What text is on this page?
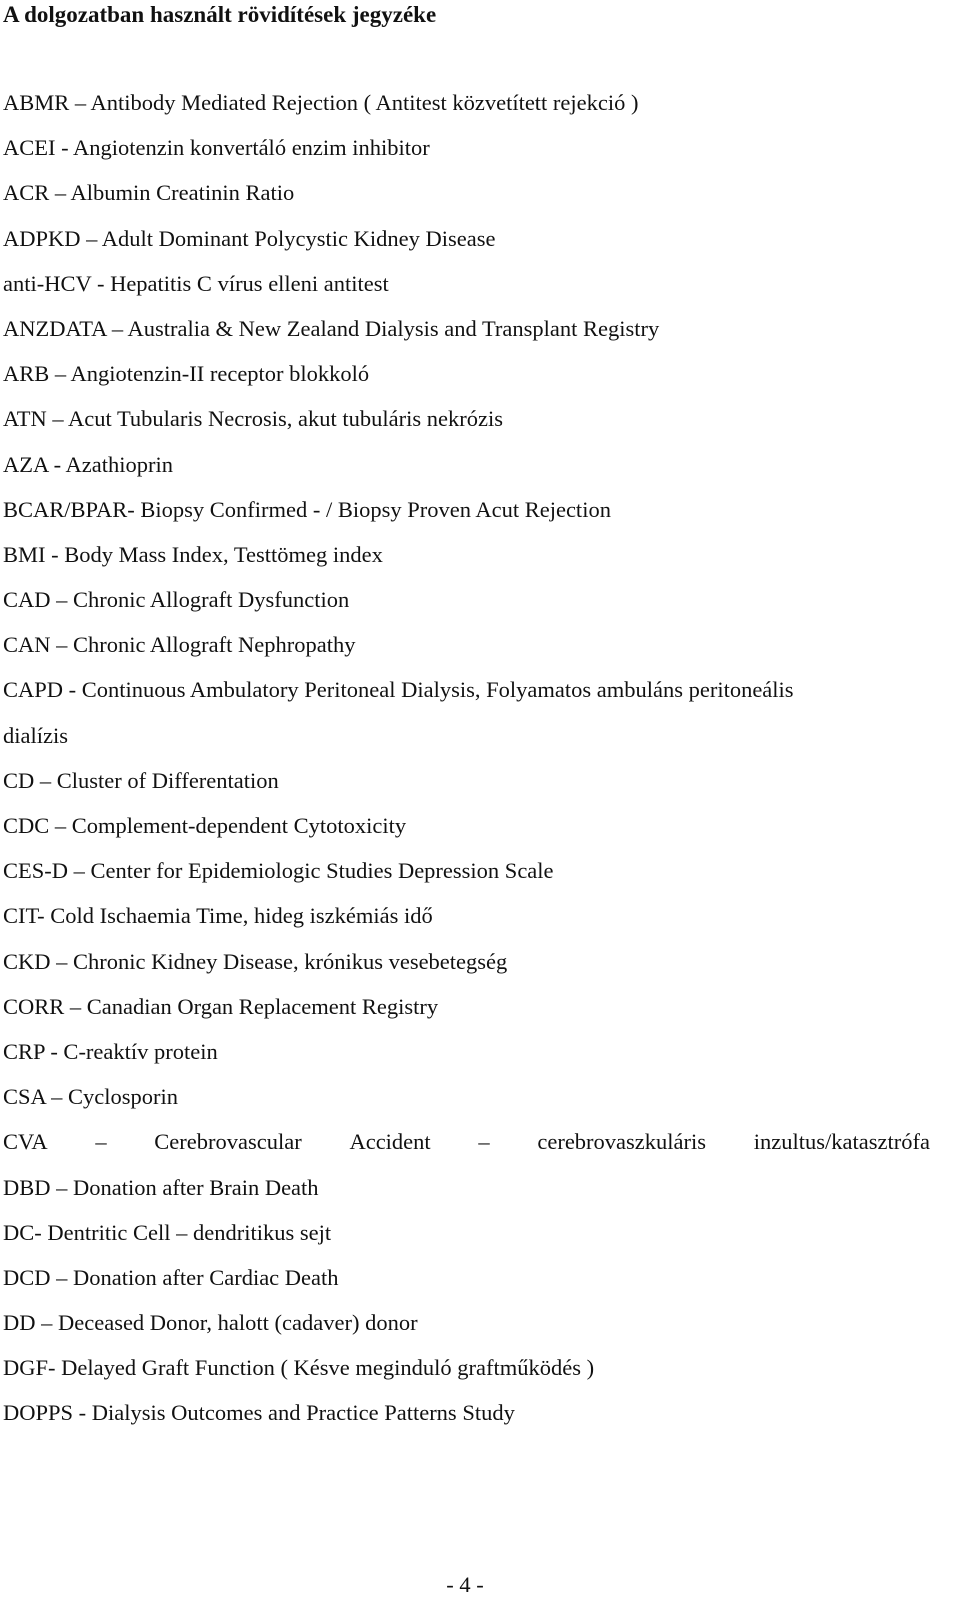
A dolgozatban használt rövidítések jegyzéke
ABMR – Antibody Mediated Rejection ( Antitest közvetített rejekció )
ACEI - Angiotenzin konvertáló enzim inhibitor
ACR – Albumin Creatinin Ratio
ADPKD – Adult Dominant Polycystic Kidney Disease
anti-HCV - Hepatitis C vírus elleni antitest
ANZDATA – Australia & New Zealand Dialysis and Transplant Registry
ARB – Angiotenzin-II receptor blokkoló
ATN – Acut Tubularis Necrosis, akut tubuláris nekrózis
AZA - Azathioprin
BCAR/BPAR- Biopsy Confirmed - / Biopsy Proven Acut Rejection
BMI - Body Mass Index, Testtömeg index
CAD – Chronic Allograft Dysfunction
CAN – Chronic Allograft Nephropathy
CAPD - Continuous Ambulatory Peritoneal Dialysis, Folyamatos ambuláns peritoneális
dialízis
CD – Cluster of Differentation
CDC – Complement-dependent Cytotoxicity
CES-D – Center for Epidemiologic Studies Depression Scale
CIT- Cold Ischaemia Time, hideg iszkémiás idő
CKD – Chronic Kidney Disease, krónikus vesebetegség
CORR – Canadian Organ Replacement Registry
CRP - C-reaktív protein
CSA – Cyclosporin
CVA – Cerebrovascular Accident – cerebrovaszkuláris inzultus/katasztrófa
DBD – Donation after Brain Death
DC- Dentritic Cell – dendritikus sejt
DCD – Donation after Cardiac Death
DD – Deceased Donor, halott (cadaver) donor
DGF- Delayed Graft Function ( Késve meginduló graftműködés )
DOPPS - Dialysis Outcomes and Practice Patterns Study
- 4 -
